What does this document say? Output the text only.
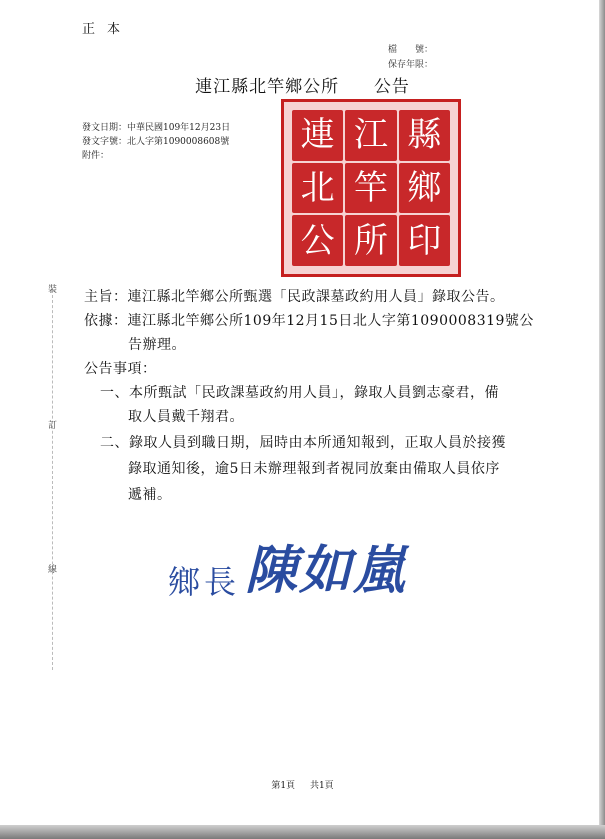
正本
檔　　號：
保存年限：
連江縣北竿鄉公所 公告
發文日期：中華民國109年12月23日
發文字號：北人字第1090008608號
附件：
連 江 縣
北 竿 鄉
公 所 印
裝
訂
線
主旨：連江縣北竿鄉公所甄選「民政課墓政約用人員」錄取公告。
依據：連江縣北竿鄉公所109年12月15日北人字第1090008319號公
告辦理。
公告事項：
一、本所甄試「民政課墓政約用人員」，錄取人員劉志豪君，備
取人員戴千翔君。
二、錄取人員到職日期，屆時由本所通知報到，正取人員於接獲
錄取通知後，逾5日未辦理報到者視同放棄由備取人員依序
遞補。
鄉長 陳如嵐
第1頁 共1頁
